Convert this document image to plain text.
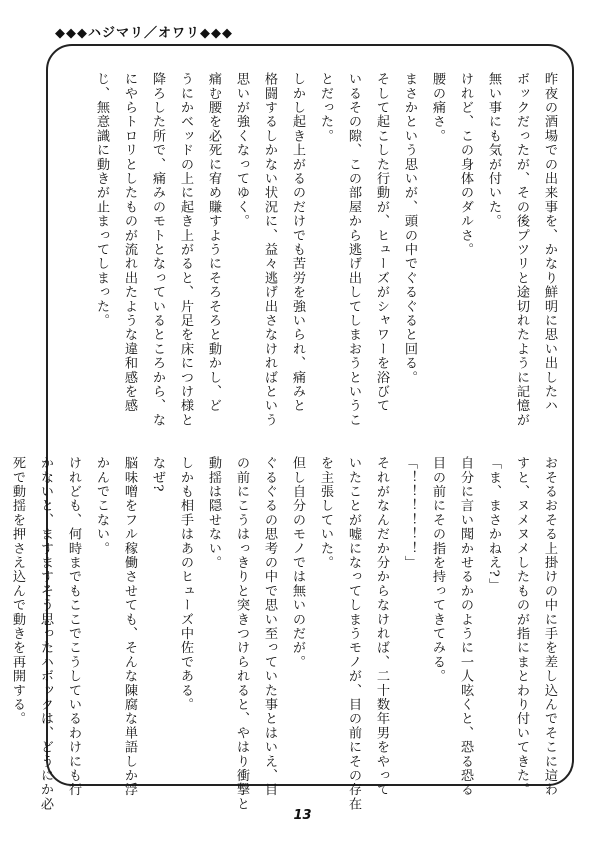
◆◆◆ハジマリ／オワリ◆◆◆
昨夜の酒場での出来事を、かなり鮮明に思い出したハ
ボックだったが、その後プツリと途切れたように記憶が
無い事にも気が付いた。
けれど、この身体のダルさ。
腰の痛さ。
まさかという思いが、頭の中でぐるぐると回る。
そして起こした行動が、ヒューズがシャワーを浴びて
いるその隙、この部屋から逃げ出してしまおうというこ
とだった。
しかし起き上がるのだけでも苦労を強いられ、痛みと
格闘するしかない状況に、益々逃げ出さなければという
思いが強くなってゆく。
痛む腰を必死に宥め賺すようにそろそろと動かし、ど
うにかベッドの上に起き上がると、片足を床につけ様と
降ろした所で、痛みのモトとなっているところから、な
にやらトロリとしたものが流れ出たような違和感を感
じ、無意識に動きが止まってしまった。
おそるおそる上掛けの中に手を差し込んでそこに這わ
すと、ヌメヌメしたものが指にまとわり付いてきた。
「ま、まさかねえ?」
自分に言い聞かせるかのように一人呟くと、恐る恐る
目の前にその指を持ってきてみる。
「！！！！！！」
それがなんだか分からなければ、二十数年男をやって
いたことが嘘になってしまうモノが、目の前にその存在
を主張していた。
但し自分のモノでは無いのだが。
ぐるぐるの思考の中で思い至っていた事とはいえ、目
の前にこうはっきりと突きつけられると、やはり衝撃と
動揺は隠せない。
しかも相手はあのヒューズ中佐である。
なぜ?
脳味噌をフル稼働させても、そんな陳腐な単語しか浮
かんでこない。
けれども、何時までもここでこうしているわけにも行
かないと、ますますそう思ったハボックは、どうにか必
死で動揺を押さえ込んで動きを再開する。
13
